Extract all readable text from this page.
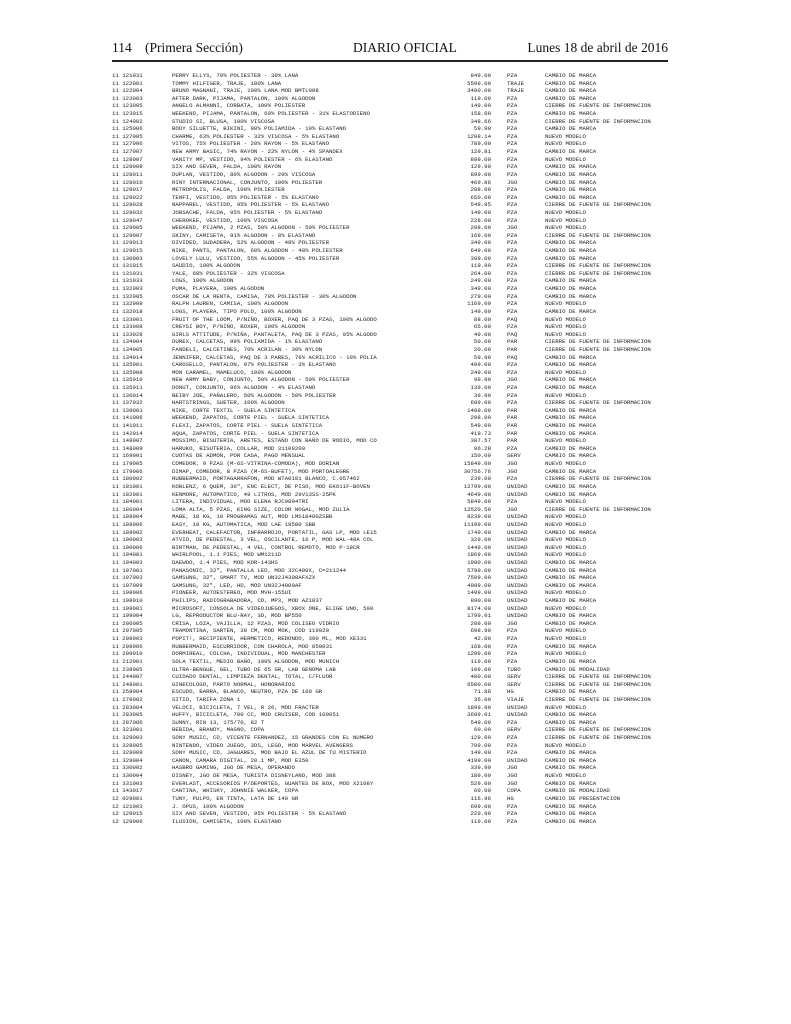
114 (Primera Sección)	DIARIO OFICIAL	Lunes 18 de abril de 2016
11 121031	PERRY ELLYS, 70% POLIESTER - 30% LANA	849.00	PZA	CAMBIO DE MARCA
11 122001	TOMMY HILFIGER, TRAJE, 100% LANA	5599.00	TRAJE	CAMBIO DE MARCA
11 122004	BRUNO MAGNANI, TRAJE, 100% LANA MOD BMTL008	3490.00	TRAJE	CAMBIO DE MARCA
11 123003	AFTER DARK, PIJAMA, PANTALON, 100% ALGODON	119.00	PZA	CAMBIO DE MARCA
11 123005	ANGELO ALMANNI, CORBATA, 100% POLIESTER	149.00	PZA	CIERRE DE FUENTE DE INFORMACION
11 123015	WEEKEND, PIJAMA, PANTALON, 69% POLIESTER - 31% ELASTODIENO	158.00	PZA	CAMBIO DE MARCA
11 124002	STUDIO SI, BLUSA, 100% VISCOSA	348.66	PZA	CIERRE DE FUENTE DE INFORMACION
11 125006	BODY SILUETTE, BIKINI, 90% POLIAMIDA - 10% ELASTANO	59.90	PZA	CAMBIO DE MARCA
11 127005	CHARME, 63% POLIESTER - 32% VISCOSA - 5% ELASTANO	1298.14	PZA	NUEVO MODELO
11 127006	VITOS, 75% POLIESTER - 20% RAYON - 5% ELASTANO	789.00	PZA	NUEVO MODELO
11 127007	NEW ARMY BASIC, 74% RAYON - 22% NYLON - 4% SPANDEX	129.81	PZA	CAMBIO DE MARCA
11 128007	VANITY MP, VESTIDO, 94% POLIESTER - 6% ELASTANO	899.00	PZA	NUEVO MODELO
11 128008	SIX AND SEVEN, FALDA, 100% RAYON	129.90	PZA	CAMBIO DE MARCA
11 128011	DUPLAN, VESTIDO, 80% ALGODON - 20% VISCOSA	899.00	PZA	CAMBIO DE MARCA
11 128016	RINY INTERNACIONAL, CONJUNTO, 100% POLIESTER	469.86	JGO	CAMBIO DE MARCA
11 128017	METROPOLIS, FALDA, 100% POLIESTER	298.00	PZA	CAMBIO DE MARCA
11 128022	TENFI, VESTIDO, 95% POLIESTER - 5% ELASTANO	650.00	PZA	CAMBIO DE MARCA
11 128028	NAPPAREL, VESTIDO, 95% POLIESTER - 5% ELASTANO	548.95	PZA	CIERRE DE FUENTE DE INFORMACION
11 128032	JOBSACHE, FALDA, 95% POLIESTER - 5% ELASTANO	149.00	PZA	NUEVO MODELO
11 128047	CHEROKEE, VESTIDO, 100% VISCOSA	228.00	PZA	NUEVO MODELO
11 129005	WEEKEND, PIJAMA, 2 PZAS, 50% ALGODON - 50% POLIESTER	298.00	JGO	NUEVO MODELO
11 129007	SKINY, CAMISETA, 91% ALGODON - 8% ELASTANO	169.00	PZA	CIERRE DE FUENTE DE INFORMACION
11 129013	DIVIDED, SUDADERA, 52% ALGODON - 48% POLIESTER	349.00	PZA	CAMBIO DE MARCA
11 129015	NIKE, PANTS, PANTALON, 60% ALGODON - 40% POLIESTER	649.00	PZA	CAMBIO DE MARCA
11 130003	LOVELY LULU, VESTIDO, 55% ALGODON - 45% POLIESTER	399.00	PZA	CAMBIO DE MARCA
11 131015	SAUDIO, 100% ALGODON	119.90	PZA	CIERRE DE FUENTE DE INFORMACION
11 131031	YALE, 68% POLIESTER - 32% VISCOSA	264.00	PZA	CIERRE DE FUENTE DE INFORMACION
11 131033	LOGS, 100% ALGODON	249.00	PZA	CAMBIO DE MARCA
11 132003	PUMA, PLAYERA, 100% ALGODON	349.00	PZA	CAMBIO DE MARCA
11 132005	OSCAR DE LA RENTA, CAMISA, 70% POLIESTER - 30% ALGODON	279.00	PZA	CAMBIO DE MARCA
11 132009	RALPH LAUREN, CAMISA, 100% ALGODON	1169.00	PZA	NUEVO MODELO
11 132018	LOGS, PLAYERA, TIPO POLO, 100% ALGODON	149.00	PZA	CAMBIO DE MARCA
11 133001	FRUIT OF THE LOOM, P/NIÑO, BOXER, PAQ DE 3 PZAS, 100% ALGODO	88.00	PAQ	NUEVO MODELO
11 133008	CREYSI BOY, P/NIÑO, BOXER, 100% ALGODON	65.00	PZA	NUEVO MODELO
11 133028	GIRLS ATTITUDE, P/NIÑA, PANTALETA, PAQ DE 3 PZAS, 95% ALGODO	49.00	PAQ	NUEVO MODELO
11 134004	DUREX, CALCETAS, 99% POLIAMIDA - 1% ELASTANO	50.00	PAR	CIERRE DE FUENTE DE INFORMACION
11 134005	FANDELI, CALCETINES, 70% ACRILAN - 30% NYLON	20.00	PAR	CIERRE DE FUENTE DE INFORMACION
11 134014	JENNIFER, CALCETAS, PAQ DE 3 PARES, 76% ACRILICO - 19% POLIA	59.90	PAQ	CAMBIO DE MARCA
11 135001	CAROSELLO, PANTALON, 97% POLIESTER - 3% ELASTANO	499.00	PZA	CAMBIO DE MARCA
11 135008	MON CARAMEL, MAMELUCO, 100% ALGODON	249.00	PZA	NUEVO MODELO
11 135010	NEW ARMY BABY, CONJUNTO, 50% ALGODON - 50% POLIESTER	99.90	JGO	CAMBIO DE MARCA
11 135011	DONUT, CONJUNTO, 96% ALGODON - 4% ELASTANO	139.00	PZA	CAMBIO DE MARCA
11 136014	BEIBY JOE, PAÑALERO, 50% ALGODON - 50% POLIESTER	39.90	PZA	NUEVO MODELO
11 137032	HARTSTRINGS, SUETER, 100% ALGODON	699.00	PZA	CIERRE DE FUENTE DE INFORMACION
11 139001	NIKE, CORTE TEXTIL - SUELA SINTETICA	1499.00	PAR	CAMBIO DE MARCA
11 141006	WEEKEND, ZAPATOS, CORTE PIEL - SUELA SINTETICA	298.00	PAR	CAMBIO DE MARCA
11 141011	FLEXI, ZAPATOS, CORTE PIEL - SUELA SINTETICA	549.00	PAR	CAMBIO DE MARCA
11 142014	AQUA, ZAPATOS, CORTE PIEL - SUELA SINTETICA	419.73	PAR	CAMBIO DE MARCA
11 148007	MOSSIMO, BISUTERIA, ARETES, ESTAÑO CON BAÑO DE RODIO, MOD CO	387.57	PAR	NUEVO MODELO
11 148009	HARUKO, BISUTERIA, COLLAR, MOD 31109200	96.28	PZA	CAMBIO DE MARCA
11 169001	CUOTAS DE ADMON, POR CASA, PAGO MENSUAL	150.00	SERV	CAMBIO DE MARCA
11 179005	COMEDOR, 9 PZAS (M-6S-VITRINA-COMODA), MOD DORIAN	15849.00	JGO	NUEVO MODELO
11 179006	DIMAP, COMEDOR, 8 PZAS (M-6S-BUFET), MOD PORTOALEGRE	30756.76	JGO	CAMBIO DE MARCA
11 180002	RUBBERMAID, PORTAGARRAFON, MOD WTA0101 BLANCO, C.057462	239.00	PZA	CIERRE DE FUENTE DE INFORMACION
11 181001	KOBLENZ, 6 QUEM, 30", ENC ELECT, DE PISO, MOD EK611F-BOVEN	12799.00	UNIDAD	CAMBIO DE MARCA
11 182001	KENMORE, AUTOMATICO, 49 LITROS, MOD 29V13SS-25PK	4649.00	UNIDAD	CAMBIO DE MARCA
11 184001	LITERA, INDIVIDUAL, MOD ELENA RJC9894TRI	5849.00	PZA	NUEVO MODELO
11 186004	LOMA ALTA, 5 PZAS, KING SIZE, COLOR NOGAL, MOD ZULIA	12520.50	JGO	CIERRE DE FUENTE DE INFORMACION
11 188004	MABE, 18 KG, 10 PROGRAMAS AUT, MOD LMS18480ZSBB	8239.00	UNIDAD	NUEVO MODELO
11 188006	EASY, 19 KG, AUTOMATICA, MOD LAE 19500 SBB	11199.00	UNIDAD	NUEVO MODELO
11 189002	EVERHEAT, CALEFACTOR, INFRARROJO, PORTATIL, GAS LP, MOD LE15	1749.00	UNIDAD	CAMBIO DE MARCA
11 190003	ATVIO, DE PEDESTAL, 3 VEL, OSCILANTE, 16 P, MOD WAL-40A COL	329.00	UNIDAD	NUEVO MODELO
11 190006	BIRTMAN, DE PEDESTAL, 4 VEL, CONTROL REMOTO, MOD P-18CR	1449.00	UNIDAD	NUEVO MODELO
11 194001	WHIRLPOOL, 1.1 PIES, MOD WM1211D	1869.00	UNIDAD	NUEVO MODELO
11 194003	DAEWOO, 1.4 PIES, MOD KOR-143HS	1990.00	UNIDAD	CAMBIO DE MARCA
11 197001	PANASONIC, 32", PANTALLA LED, MOD 32C400X, C=211244	5799.00	UNIDAD	CAMBIO DE MARCA
11 197003	SAMSUNG, 32", SMART TV, MOD UN32J4300AFXZX	7599.00	UNIDAD	CAMBIO DE MARCA
11 197009	SAMSUNG, 32", LED, HD, MOD UN32J4000AF	4999.00	UNIDAD	CAMBIO DE MARCA
11 198006	PIONEER, AUTOESTEREO, MOD MVH-155UI	1499.00	UNIDAD	NUEVO MODELO
11 198010	PHILIPS, RADIOGRABADORA, CD, MP3, MOD AZ1837	890.00	UNIDAD	CAMBIO DE MARCA
11 199001	MICROSOFT, CONSOLA DE VIDEOJUEGOS, XBOX ONE, ELIGE UNO, 500	8174.00	UNIDAD	NUEVO MODELO
11 199004	LG, REPRODUCTOR BLU-RAY, 3D, MOD BP550	1799.01	UNIDAD	CAMBIO DE MARCA
11 206005	CRISA, LOZA, VAJILLA, 12 PZAS, MOD COLISEO VIDRIO	209.00	JGO	CAMBIO DE MARCA
11 207005	TRAMONTINA, SARTEN, 30 CM, MOD MOK, COD 119920	698.99	PZA	NUEVO MODELO
11 208003	POPIT!, RECIPIENTE, HERMETICO, REDONDO, 390 ML, MOD XE331	42.00	PZA	NUEVO MODELO
11 208006	RUBBERMAID, ESCURRIDOR, CON CHAROLA, MOD 059031	168.00	PZA	CAMBIO DE MARCA
11 209010	DORMIREAL, COLCHA, INDIVIDUAL, MOD MANCHESTER	1299.00	PZA	NUEVO MODELO
11 212001	SOLA TEXTIL, MEDIO BAÑO, 100% ALGODON, MOD MUNICH	119.00	PZA	CAMBIO DE MARCA
11 238005	ULTRA-BENGUE, GEL, TUBO DE 65 GR, LAB GENOMA LAB	109.00	TUBO	CAMBIO DE MODALIDAD
11 244007	CUIDADO DENTAL, LIMPIEZA DENTAL, TOTAL, C/FLUOR	400.00	SERV	CIERRE DE FUENTE DE INFORMACION
11 248001	GINECOLOGO, PARTO NORMAL, HONORARIOS	6500.00	SERV	CIERRE DE FUENTE DE INFORMACION
11 258004	ESCUDO, BARRA, BLANCO, NEUTRO, PZA DE 160 GR	71.88	HG	CAMBIO DE MARCA
11 278002	SITIO, TARIFA ZONA 1	36.00	VIAJE	CIERRE DE FUENTE DE INFORMACION
11 283004	VELOCI, BICICLETA, 7 VEL, R 26, MOD FRACTER	1899.90	UNIDAD	NUEVO MODELO
11 283005	HUFFY, BICICLETA, 700 CC, MOD CRUISER, COD 100051	3699.01	UNIDAD	CAMBIO DE MARCA
11 287006	SUNNY, RIN 13, 175/70, 82 T	549.00	PZA	CAMBIO DE MARCA
11 323001	BEBIDA, BRANDY, MAGNO, COPA	60.00	SERV	CIERRE DE FUENTE DE INFORMACION
11 328003	SONY MUSIC, CD, VICENTE FERNANDEZ, 15 GRANDES CON EL NUMERO	129.00	PZA	CIERRE DE FUENTE DE INFORMACION
11 328005	NINTENDO, VIDEO JUEGO, 3DS, LEGO, MOD MARVEL AVENGERS	799.00	PZA	NUEVO MODELO
11 328009	SONY MUSIC, CD, JAGUARES, MOD BAJO EL AZUL DE TU MISTERIO	149.00	PZA	CAMBIO DE MARCA
11 329004	CANON, CAMARA DIGITAL, 20.1 MP, MOD E350	4199.00	UNIDAD	CAMBIO DE MARCA
11 330002	HASBRO GAMING, JGO DE MESA, OPERANDO	339.90	JGO	CAMBIO DE MARCA
11 330004	DISNEY, JGO DE MESA, TURISTA DISNEYLAND, MOD 388	189.00	JGO	NUEVO MODELO
11 331003	EVERLAST, ACCESORIOS P/DEPORTES, GUANTES DE BOX, MOD X2108Y	529.00	JGO	CAMBIO DE MARCA
11 343017	CANTINA, WHISKY, JOHNNIE WALKER, COPA	60.00	COPA	CAMBIO DE MODALIDAD
12 029001	TUNY, PULPO, EN TINTA, LATA DE 140 GR	116.96	HG	CAMBIO DE PRESENTACION
12 121003	J. OPUS, 100% ALGODON	699.00	PZA	CAMBIO DE MARCA
12 128015	SIX AND SEVEN, VESTIDO, 95% POLIESTER - 5% ELASTANO	229.90	PZA	CAMBIO DE MARCA
12 129006	ILUSION, CAMISETA, 100% ELASTANO	119.00	PZA	CAMBIO DE MARCA
